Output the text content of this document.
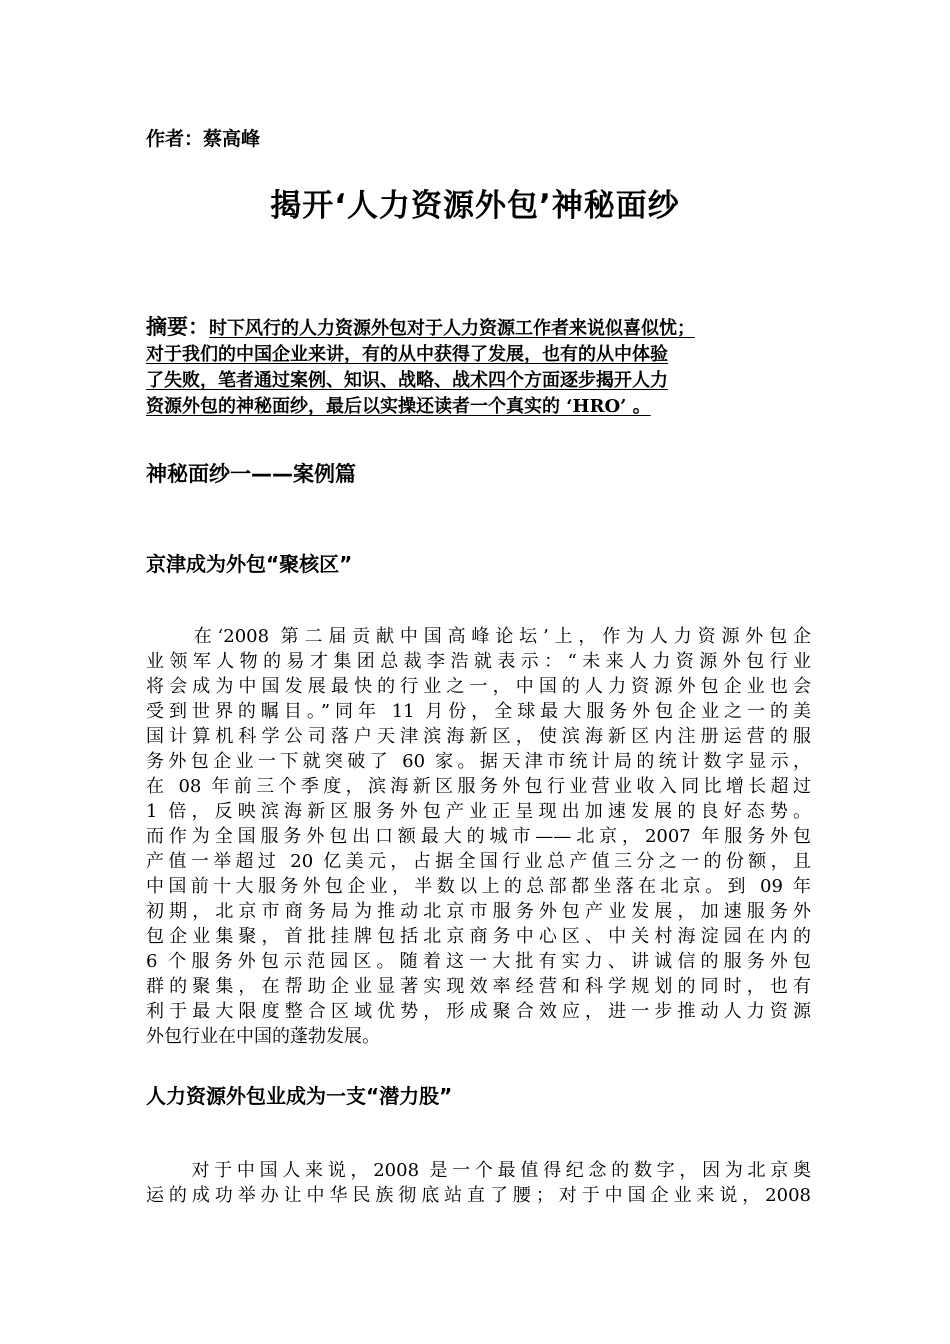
作者：蔡高峰
揭开‘人力资源外包’神秘面纱
摘要：时下风行的人力资源外包对于人力资源工作者来说似喜似忧；
对于我们的中国企业来讲，有的从中获得了发展，也有的从中体验
了失败，笔者通过案例、知识、战略、战术四个方面逐步揭开人力
资源外包的神秘面纱，最后以实操还读者一个真实的 ‘HRO’ 。
神秘面纱一——案例篇
京津成为外包“聚核区”
　　在‘2008 第二届贡献中国高峰论坛’上，作为人力资源外包企
业领军人物的易才集团总裁李浩就表示：“未来人力资源外包行业
将会成为中国发展最快的行业之一，中国的人力资源外包企业也会
受到世界的瞩目。”同年 11 月份，全球最大服务外包企业之一的美
国计算机科学公司落户天津滨海新区，使滨海新区内注册运营的服
务外包企业一下就突破了 60 家。据天津市统计局的统计数字显示，
在 08 年前三个季度，滨海新区服务外包行业营业收入同比增长超过
1 倍，反映滨海新区服务外包产业正呈现出加速发展的良好态势。
而作为全国服务外包出口额最大的城市——北京，2007 年服务外包
产值一举超过 20 亿美元，占据全国行业总产值三分之一的份额，且
中国前十大服务外包企业，半数以上的总部都坐落在北京。到 09 年
初期，北京市商务局为推动北京市服务外包产业发展，加速服务外
包企业集聚，首批挂牌包括北京商务中心区、中关村海淀园在内的
6 个服务外包示范园区。随着这一大批有实力、讲诚信的服务外包
群的聚集，在帮助企业显著实现效率经营和科学规划的同时，也有
利于最大限度整合区域优势，形成聚合效应，进一步推动人力资源
外包行业在中国的蓬勃发展。
人力资源外包业成为一支“潜力股”
　　对于中国人来说，2008 是一个最值得纪念的数字，因为北京奥
运的成功举办让中华民族彻底站直了腰；对于中国企业来说，2008
